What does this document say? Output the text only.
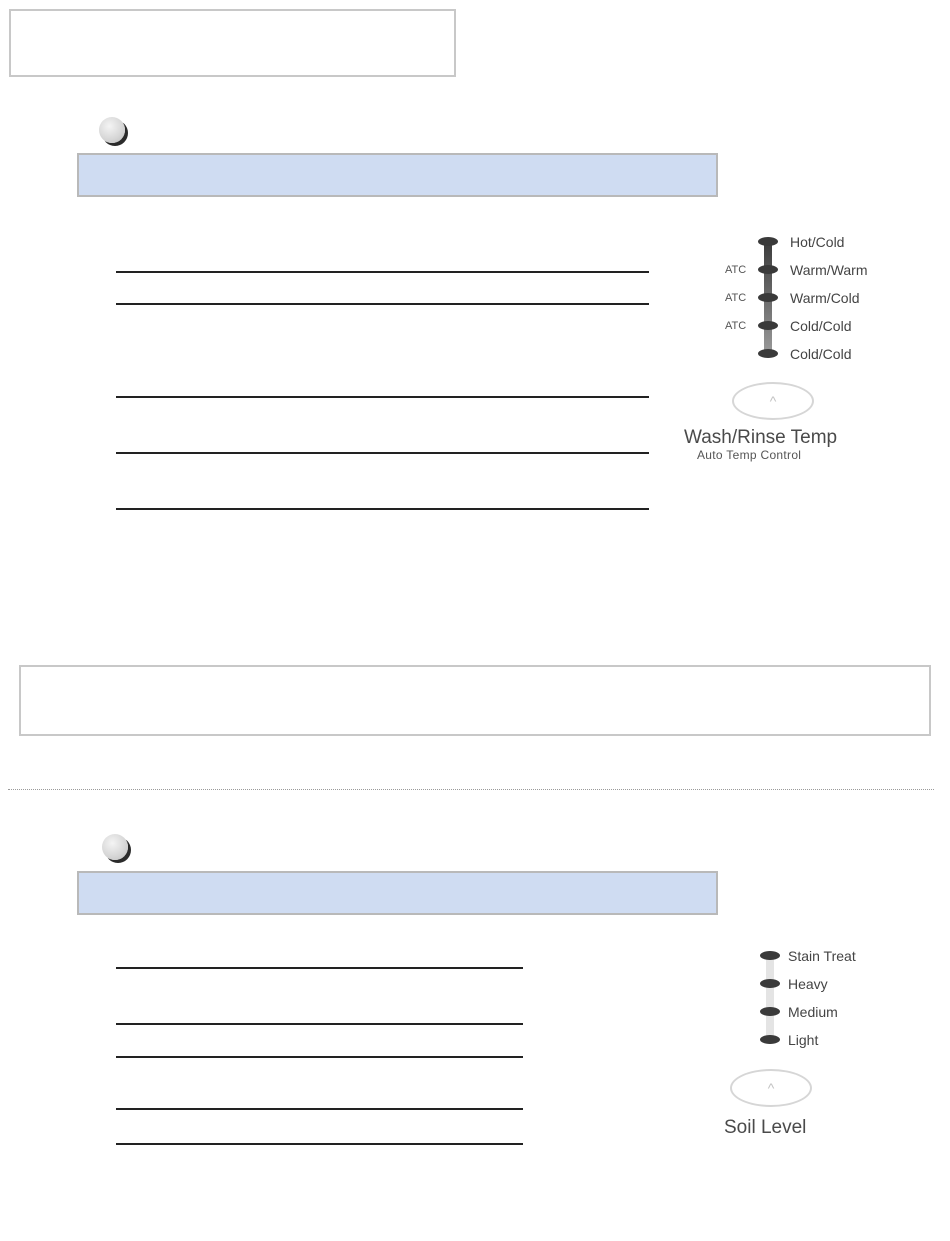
Hot/Cold
ATC	Warm/Warm
ATC	Warm/Cold
ATC	Cold/Cold
Cold/Cold
^
Wash/Rinse Temp
Auto Temp Control
Stain Treat
Heavy
Medium
Light
^
Soil Level
